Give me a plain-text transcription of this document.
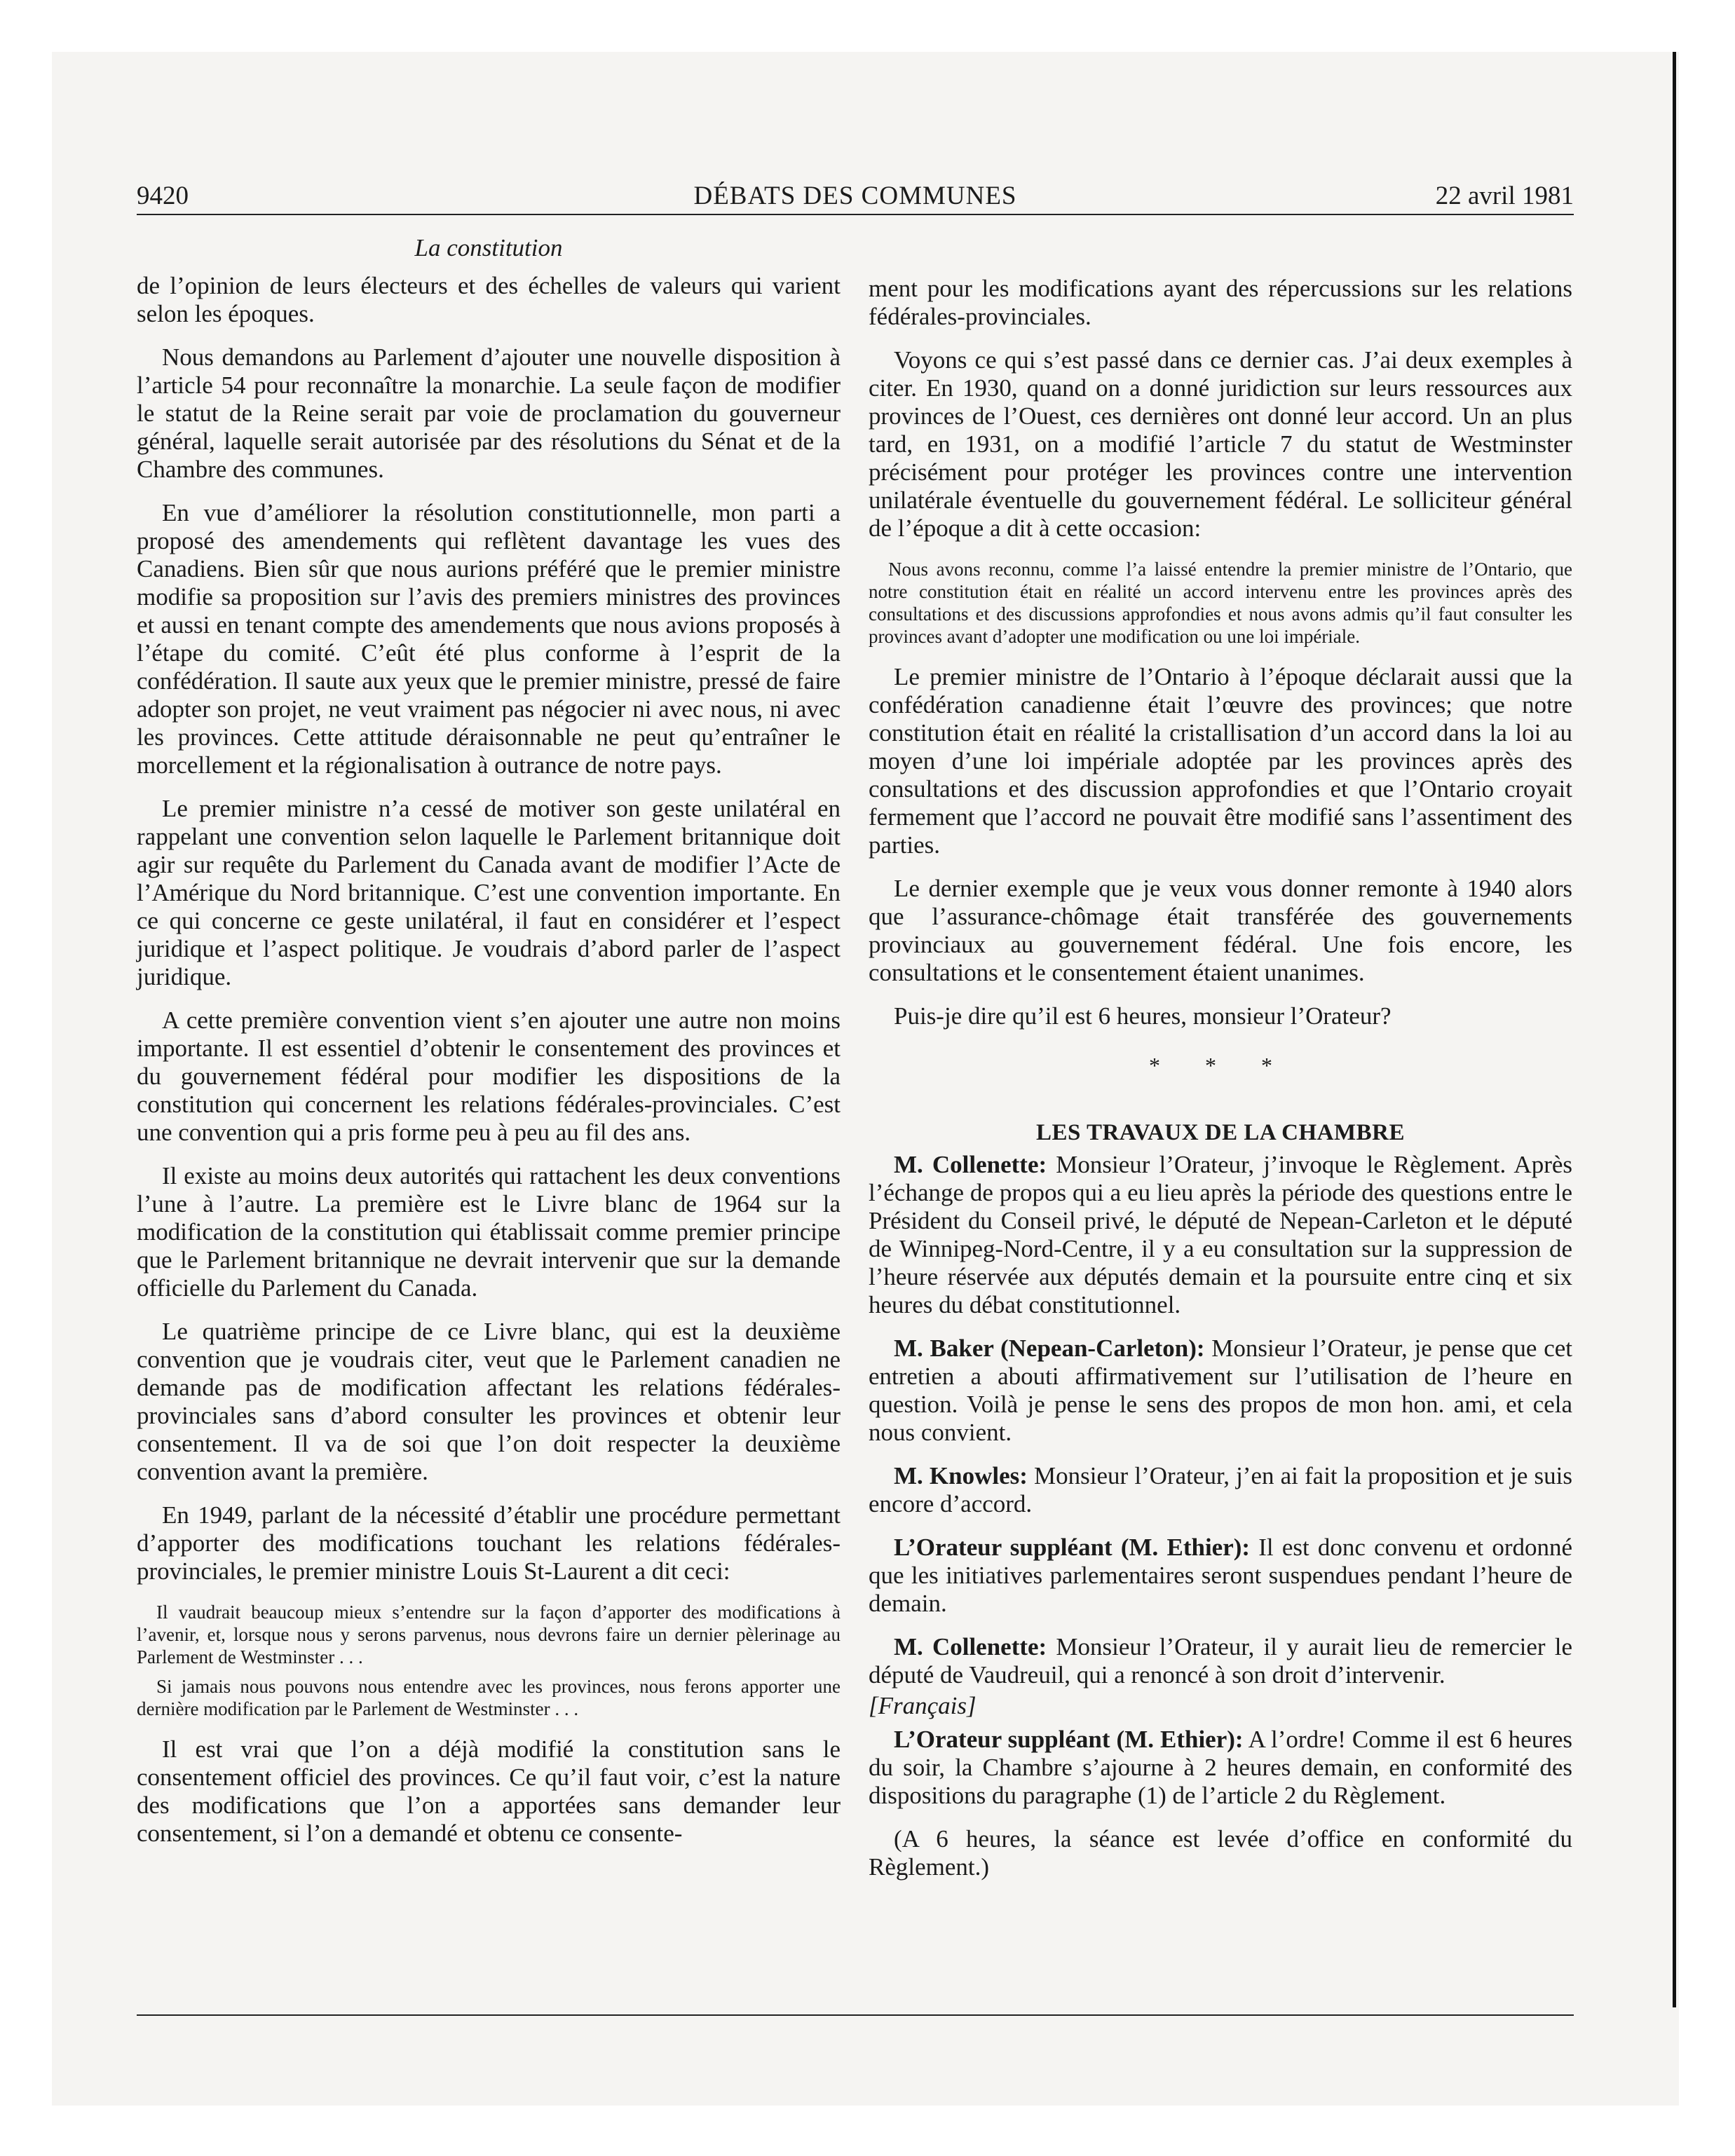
9420	DÉBATS DES COMMUNES	22 avril 1981
La constitution

de l’opinion de leurs électeurs et des échelles de valeurs qui varient selon les époques.

Nous demandons au Parlement d’ajouter une nouvelle disposition à l’article 54 pour reconnaître la monarchie. La seule façon de modifier le statut de la Reine serait par voie de proclamation du gouverneur général, laquelle serait autorisée par des résolutions du Sénat et de la Chambre des communes.

En vue d’améliorer la résolution constitutionnelle, mon parti a proposé des amendements qui reflètent davantage les vues des Canadiens. Bien sûr que nous aurions préféré que le premier ministre modifie sa proposition sur l’avis des premiers ministres des provinces et aussi en tenant compte des amendements que nous avions proposés à l’étape du comité. C’eût été plus conforme à l’esprit de la confédération. Il saute aux yeux que le premier ministre, pressé de faire adopter son projet, ne veut vraiment pas négocier ni avec nous, ni avec les provinces. Cette attitude déraisonnable ne peut qu’entraîner le morcellement et la régionalisation à outrance de notre pays.

Le premier ministre n’a cessé de motiver son geste unilatéral en rappelant une convention selon laquelle le Parlement britannique doit agir sur requête du Parlement du Canada avant de modifier l’Acte de l’Amérique du Nord britannique. C’est une convention importante. En ce qui concerne ce geste unilatéral, il faut en considérer et l’espect juridique et l’aspect politique. Je voudrais d’abord parler de l’aspect juridique.

A cette première convention vient s’en ajouter une autre non moins importante. Il est essentiel d’obtenir le consentement des provinces et du gouvernement fédéral pour modifier les dispositions de la constitution qui concernent les relations fédérales-provinciales. C’est une convention qui a pris forme peu à peu au fil des ans.

Il existe au moins deux autorités qui rattachent les deux conventions l’une à l’autre. La première est le Livre blanc de 1964 sur la modification de la constitution qui établissait comme premier principe que le Parlement britannique ne devrait intervenir que sur la demande officielle du Parlement du Canada.

Le quatrième principe de ce Livre blanc, qui est la deuxième convention que je voudrais citer, veut que le Parlement canadien ne demande pas de modification affectant les relations fédérales-provinciales sans d’abord consulter les provinces et obtenir leur consentement. Il va de soi que l’on doit respecter la deuxième convention avant la première.

En 1949, parlant de la nécessité d’établir une procédure permettant d’apporter des modifications touchant les relations fédérales-provinciales, le premier ministre Louis St-Laurent a dit ceci:

Il vaudrait beaucoup mieux s’entendre sur la façon d’apporter des modifications à l’avenir, et, lorsque nous y serons parvenus, nous devrons faire un dernier pèlerinage au Parlement de Westminster . . .

Si jamais nous pouvons nous entendre avec les provinces, nous ferons apporter une dernière modification par le Parlement de Westminster . . .

Il est vrai que l’on a déjà modifié la constitution sans le consentement officiel des provinces. Ce qu’il faut voir, c’est la nature des modifications que l’on a apportées sans demander leur consentement, si l’on a demandé et obtenu ce consente-

ment pour les modifications ayant des répercussions sur les relations fédérales-provinciales.

Voyons ce qui s’est passé dans ce dernier cas. J’ai deux exemples à citer. En 1930, quand on a donné juridiction sur leurs ressources aux provinces de l’Ouest, ces dernières ont donné leur accord. Un an plus tard, en 1931, on a modifié l’article 7 du statut de Westminster précisément pour protéger les provinces contre une intervention unilatérale éventuelle du gouvernement fédéral. Le solliciteur général de l’époque a dit à cette occasion:

Nous avons reconnu, comme l’a laissé entendre la premier ministre de l’Ontario, que notre constitution était en réalité un accord intervenu entre les provinces après des consultations et des discussions approfondies et nous avons admis qu’il faut consulter les provinces avant d’adopter une modification ou une loi impériale.

Le premier ministre de l’Ontario à l’époque déclarait aussi que la confédération canadienne était l’œuvre des provinces; que notre constitution était en réalité la cristallisation d’un accord dans la loi au moyen d’une loi impériale adoptée par les provinces après des consultations et des discussion approfondies et que l’Ontario croyait fermement que l’accord ne pouvait être modifié sans l’assentiment des parties.

Le dernier exemple que je veux vous donner remonte à 1940 alors que l’assurance-chômage était transférée des gouvernements provinciaux au gouvernement fédéral. Une fois encore, les consultations et le consentement étaient unanimes.

Puis-je dire qu’il est 6 heures, monsieur l’Orateur?

* * *
LES TRAVAUX DE LA CHAMBRE

M. Collenette: Monsieur l’Orateur, j’invoque le Règlement. Après l’échange de propos qui a eu lieu après la période des questions entre le Président du Conseil privé, le député de Nepean-Carleton et le député de Winnipeg-Nord-Centre, il y a eu consultation sur la suppression de l’heure réservée aux députés demain et la poursuite entre cinq et six heures du débat constitutionnel.

M. Baker (Nepean-Carleton): Monsieur l’Orateur, je pense que cet entretien a abouti affirmativement sur l’utilisation de l’heure en question. Voilà je pense le sens des propos de mon hon. ami, et cela nous convient.

M. Knowles: Monsieur l’Orateur, j’en ai fait la proposition et je suis encore d’accord.

L’Orateur suppléant (M. Ethier): Il est donc convenu et ordonné que les initiatives parlementaires seront suspendues pendant l’heure de demain.

M. Collenette: Monsieur l’Orateur, il y aurait lieu de remercier le député de Vaudreuil, qui a renoncé à son droit d’intervenir.

[Français]

L’Orateur suppléant (M. Ethier): A l’ordre! Comme il est 6 heures du soir, la Chambre s’ajourne à 2 heures demain, en conformité des dispositions du paragraphe (1) de l’article 2 du Règlement.

(A 6 heures, la séance est levée d’office en conformité du Règlement.)
